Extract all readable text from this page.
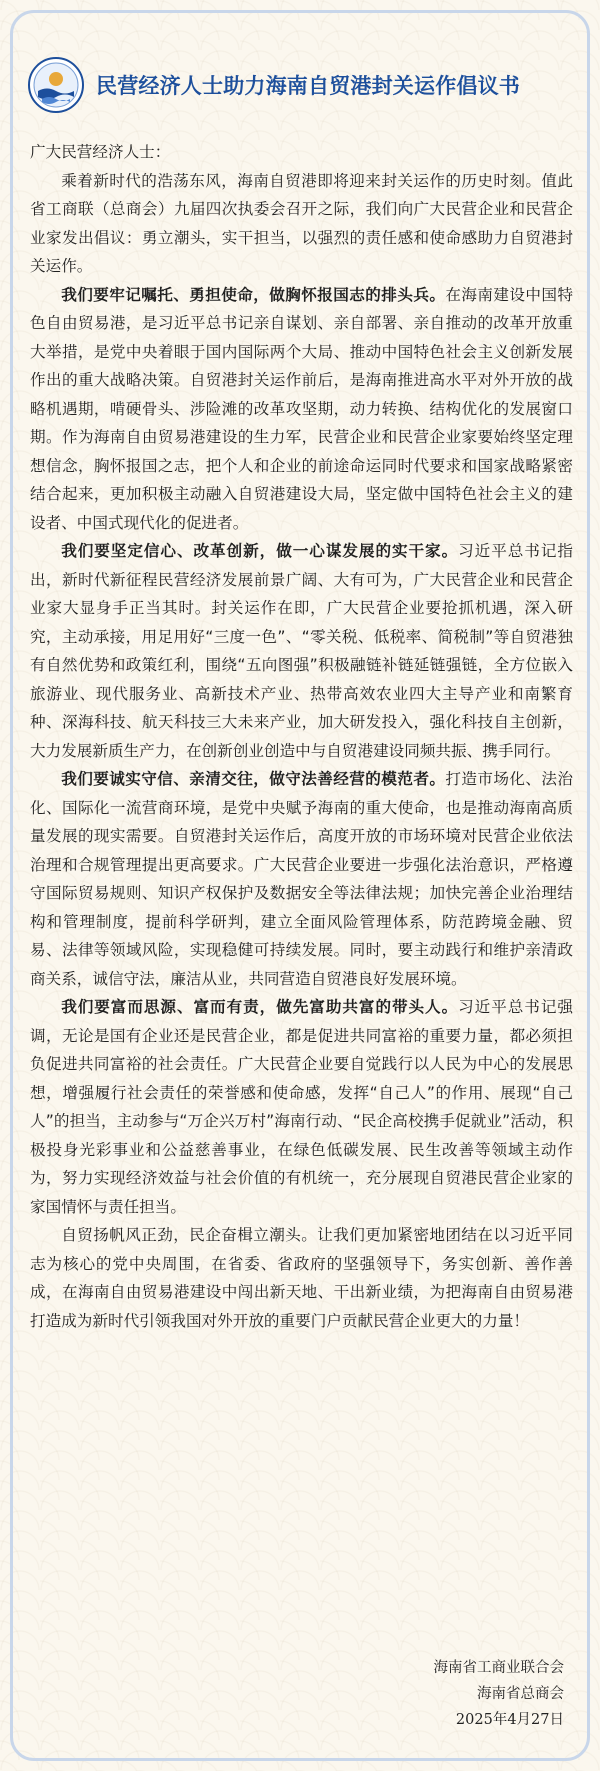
民营经济人士助力海南自贸港封关运作倡议书

广大民营经济人士：

乘着新时代的浩荡东风，海南自贸港即将迎来封关运作的历史时刻。值此省工商联（总商会）九届四次执委会召开之际，我们向广大民营企业和民营企业家发出倡议：勇立潮头，实干担当，以强烈的责任感和使命感助力自贸港封关运作。

我们要牢记嘱托、勇担使命，做胸怀报国志的排头兵。在海南建设中国特色自由贸易港，是习近平总书记亲自谋划、亲自部署、亲自推动的改革开放重大举措，是党中央着眼于国内国际两个大局、推动中国特色社会主义创新发展作出的重大战略决策。自贸港封关运作前后，是海南推进高水平对外开放的战略机遇期，啃硬骨头、涉险滩的改革攻坚期，动力转换、结构优化的发展窗口期。作为海南自由贸易港建设的生力军，民营企业和民营企业家要始终坚定理想信念，胸怀报国之志，把个人和企业的前途命运同时代要求和国家战略紧密结合起来，更加积极主动融入自贸港建设大局，坚定做中国特色社会主义的建设者、中国式现代化的促进者。

我们要坚定信心、改革创新，做一心谋发展的实干家。习近平总书记指出，新时代新征程民营经济发展前景广阔、大有可为，广大民营企业和民营企业家大显身手正当其时。封关运作在即，广大民营企业要抢抓机遇，深入研究，主动承接，用足用好“三度一色”、“零关税、低税率、简税制”等自贸港独有自然优势和政策红利，围绕“五向图强”积极融链补链延链强链，全方位嵌入旅游业、现代服务业、高新技术产业、热带高效农业四大主导产业和南繁育种、深海科技、航天科技三大未来产业，加大研发投入，强化科技自主创新，大力发展新质生产力，在创新创业创造中与自贸港建设同频共振、携手同行。

我们要诚实守信、亲清交往，做守法善经营的模范者。打造市场化、法治化、国际化一流营商环境，是党中央赋予海南的重大使命，也是推动海南高质量发展的现实需要。自贸港封关运作后，高度开放的市场环境对民营企业依法治理和合规管理提出更高要求。广大民营企业要进一步强化法治意识，严格遵守国际贸易规则、知识产权保护及数据安全等法律法规；加快完善企业治理结构和管理制度，提前科学研判，建立全面风险管理体系，防范跨境金融、贸易、法律等领域风险，实现稳健可持续发展。同时，要主动践行和维护亲清政商关系，诚信守法，廉洁从业，共同营造自贸港良好发展环境。

我们要富而思源、富而有责，做先富助共富的带头人。习近平总书记强调，无论是国有企业还是民营企业，都是促进共同富裕的重要力量，都必须担负促进共同富裕的社会责任。广大民营企业要自觉践行以人民为中心的发展思想，增强履行社会责任的荣誉感和使命感，发挥“自己人”的作用、展现“自己人”的担当，主动参与“万企兴万村”海南行动、“民企高校携手促就业”活动，积极投身光彩事业和公益慈善事业，在绿色低碳发展、民生改善等领域主动作为，努力实现经济效益与社会价值的有机统一，充分展现自贸港民营企业家的家国情怀与责任担当。

自贸扬帆风正劲，民企奋楫立潮头。让我们更加紧密地团结在以习近平同志为核心的党中央周围，在省委、省政府的坚强领导下，务实创新、善作善成，在海南自由贸易港建设中闯出新天地、干出新业绩，为把海南自由贸易港打造成为新时代引领我国对外开放的重要门户贡献民营企业更大的力量！

海南省工商业联合会
海南省总商会
2025年4月27日
